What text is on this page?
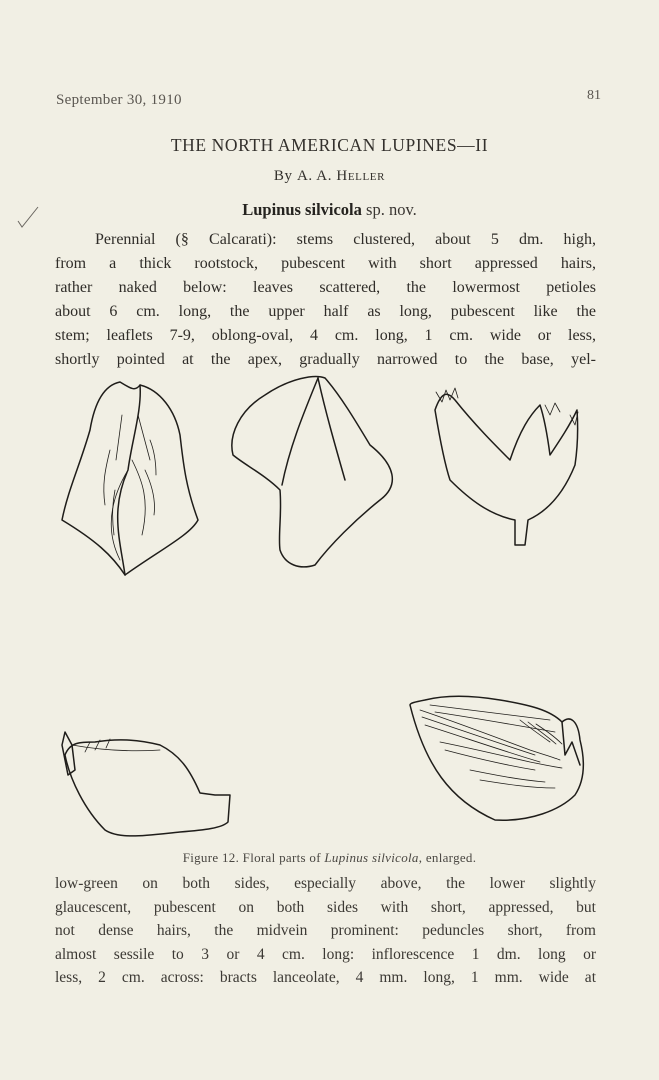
September 30, 1910	81
THE NORTH AMERICAN LUPINES—II
By A. A. Heller
Lupinus silvicola sp. nov.
Perennial (§ Calcarati): stems clustered, about 5 dm. high,
from a thick rootstock, pubescent with short appressed hairs,
rather naked below: leaves scattered, the lowermost petioles
about 6 cm. long, the upper half as long, pubescent like the
stem; leaflets 7-9, oblong-oval, 4 cm. long, 1 cm. wide or less,
shortly pointed at the apex, gradually narrowed to the base, yel-
Figure 12. Floral parts of Lupinus silvicola, enlarged.
low-green on both sides, especially above, the lower slightly
glaucescent, pubescent on both sides with short, appressed, but
not dense hairs, the midvein prominent: peduncles short, from
almost sessile to 3 or 4 cm. long: inflorescence 1 dm. long or
less, 2 cm. across: bracts lanceolate, 4 mm. long, 1 mm. wide at
